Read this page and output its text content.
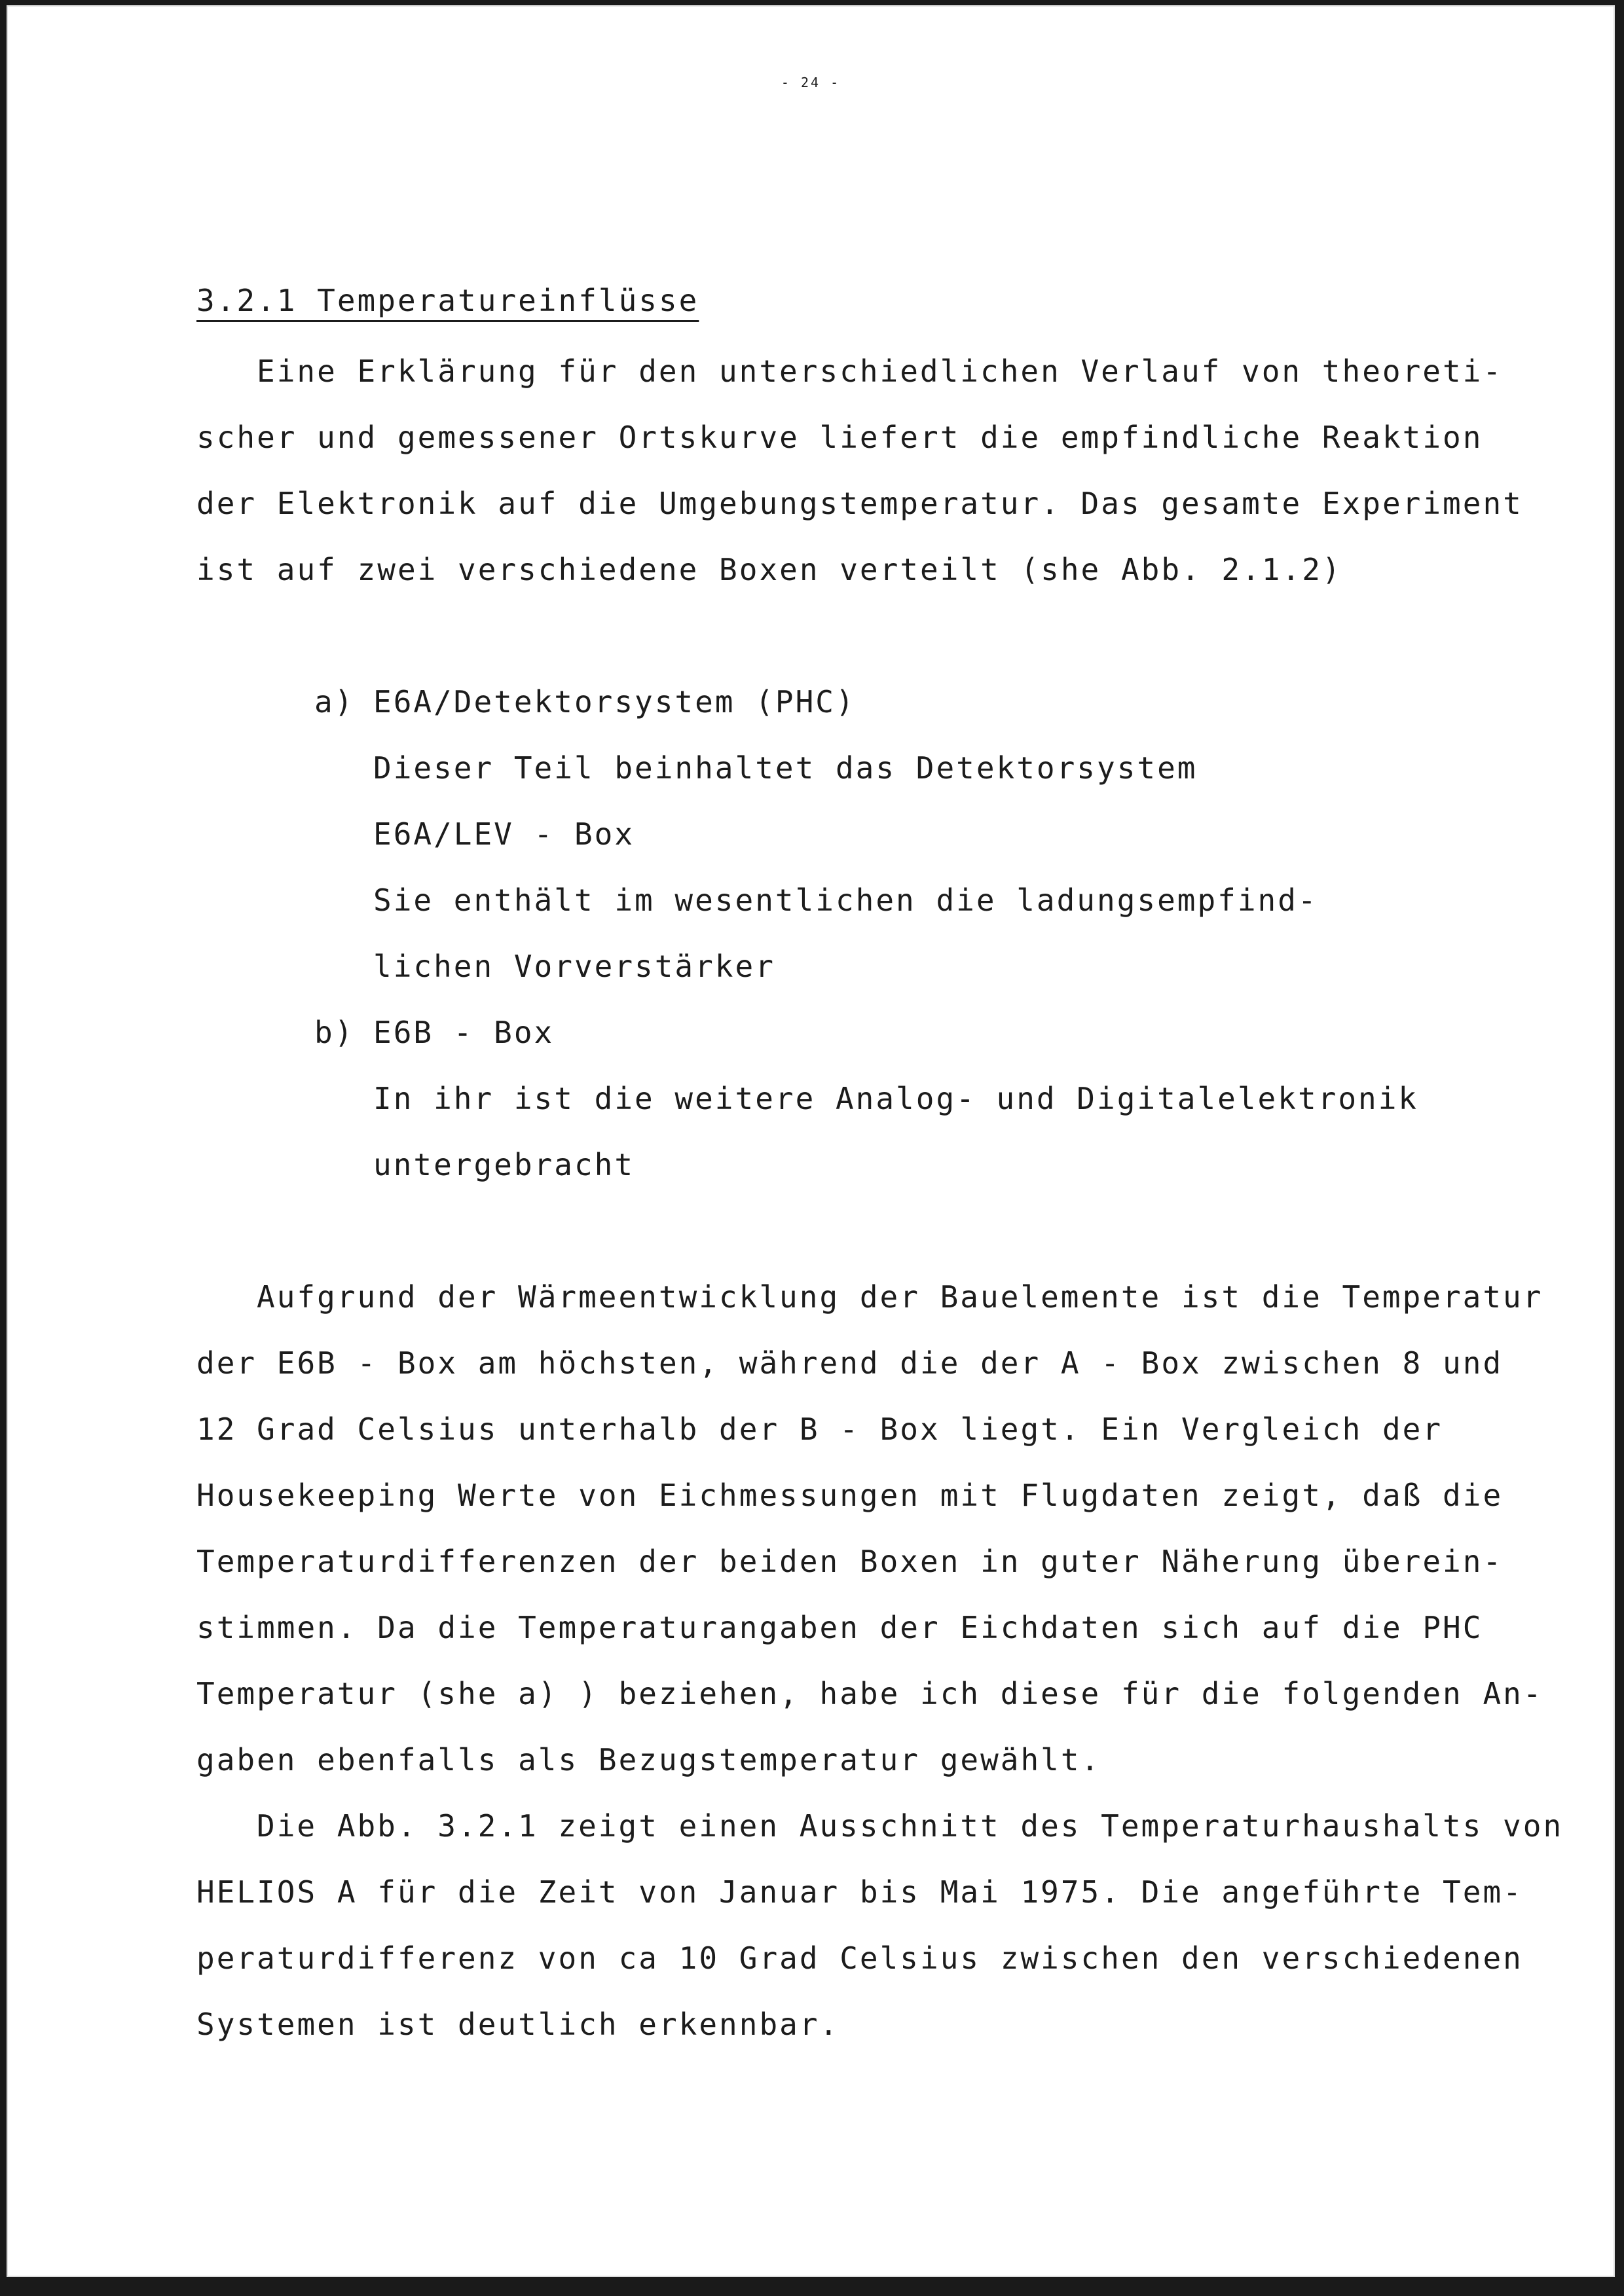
- 24 -

3.2.1 Temperatureinflüsse

Eine Erklärung für den unterschiedlichen Verlauf von theoreti-

scher und gemessener Ortskurve liefert die empfindliche Reaktion

der Elektronik auf die Umgebungstemperatur. Das gesamte Experiment

ist auf zwei verschiedene Boxen verteilt (she Abb. 2.1.2)

a) E6A/Detektorsystem (PHC)

Dieser Teil beinhaltet das Detektorsystem

E6A/LEV - Box

Sie enthält im wesentlichen die ladungsempfind-

lichen Vorverstärker

b) E6B - Box

In ihr ist die weitere Analog- und Digitalelektronik

untergebracht

Aufgrund der Wärmeentwicklung der Bauelemente ist die Temperatur

der E6B - Box am höchsten, während die der A - Box zwischen 8 und

12 Grad Celsius unterhalb der B - Box liegt. Ein Vergleich der

Housekeeping Werte von Eichmessungen mit Flugdaten zeigt, daß die

Temperaturdifferenzen der beiden Boxen in guter Näherung überein-

stimmen. Da die Temperaturangaben der Eichdaten sich auf die PHC

Temperatur (she a) ) beziehen, habe ich diese für die folgenden An-

gaben ebenfalls als Bezugstemperatur gewählt.

Die Abb. 3.2.1 zeigt einen Ausschnitt des Temperaturhaushalts von

HELIOS A für die Zeit von Januar bis Mai 1975. Die angeführte Tem-

peraturdifferenz von ca 10 Grad Celsius zwischen den verschiedenen

Systemen ist deutlich erkennbar.
